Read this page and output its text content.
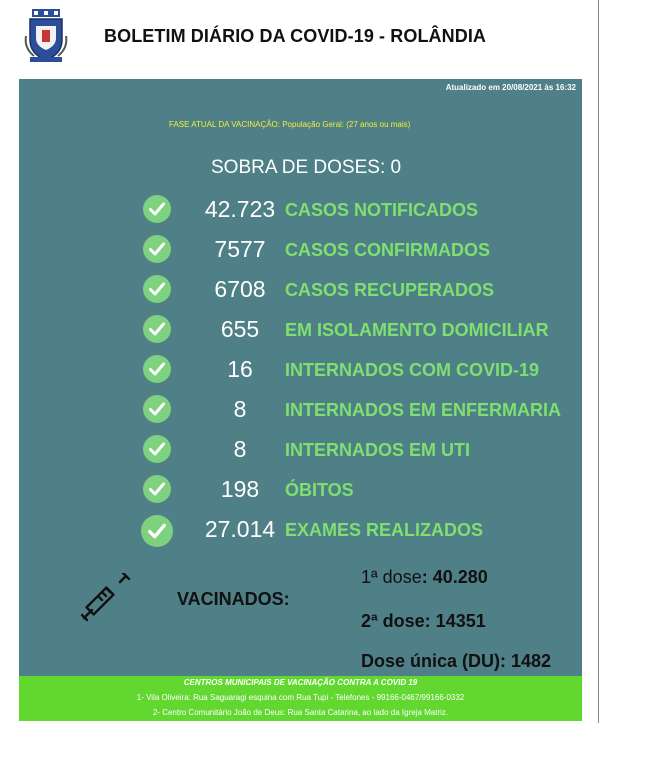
BOLETIM DIÁRIO DA COVID-19 - ROLÂNDIA
Atualizado em 20/08/2021 às 16:32
FASE ATUAL DA VACINAÇÃO: População Geral: (27 anos ou mais)
SOBRA DE DOSES: 0
42.723 CASOS NOTIFICADOS
7577	CASOS CONFIRMADOS
6708	CASOS RECUPERADOS
655	EM ISOLAMENTO DOMICILIAR
16	INTERNADOS COM COVID-19
8	INTERNADOS EM ENFERMARIA
8	INTERNADOS EM UTI
198	ÓBITOS
27.014 EXAMES REALIZADOS
VACINADOS:
1ª dose: 40.280
2ª dose: 14351
Dose única (DU): 1482
CENTROS MUNICIPAIS DE VACINAÇÃO CONTRA A COVID 19
1- Vila Oliveira: Rua Saguaragi esquina com Rua Tupi - Telefones - 99166-0467/99166-0332
2- Centro Comunitário João de Deus: Rua Santa Catarina, ao lado da Igreja Matriz.
